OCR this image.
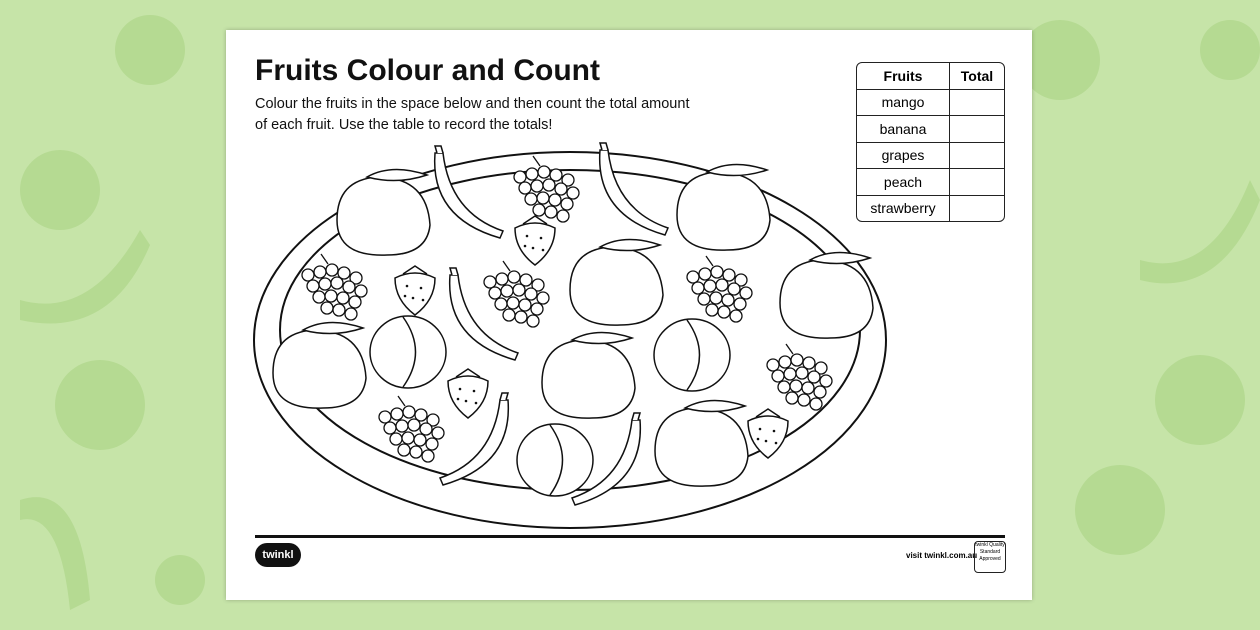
Fruits Colour and Count
Colour the fruits in the space below and then count the total amount of each fruit. Use the table to record the totals!
Fruits	Total
mango	
banana	
grapes	
peach	
strawberry	
twinkl	visit twinkl.com.au
twinkl Quality Standard Approved
